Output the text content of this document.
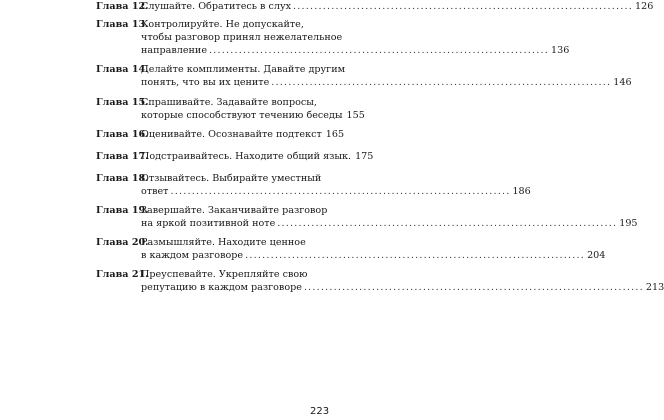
Глава 12.
Слушайте. Обратитесь в слух ................................................................................ 126
Глава 13.
Контролируйте. Не допускайте,
чтобы разговор принял нежелательное
направление ................................................................................ 136
Глава 14.
Делайте комплименты. Давайте другим
понять, что вы их цените ................................................................................ 146
Глава 15.
Спрашивайте. Задавайте вопросы,
которые способствуют течению беседы 155
Глава 16.
Оценивайте. Осознавайте подтекст 165
Глава 17.
Подстраивайтесь. Находите общий язык. 175
Глава 18.
Отзывайтесь. Выбирайте уместный
ответ ................................................................................ 186
Глава 19.
Завершайте. Заканчивайте разговор
на яркой позитивной ноте ................................................................................ 195
Глава 20.
Размышляйте. Находите ценное
в каждом разговоре ................................................................................ 204
Глава 21.
Преуспевайте. Укрепляйте свою
репутацию в каждом разговоре ................................................................................ 213
223
